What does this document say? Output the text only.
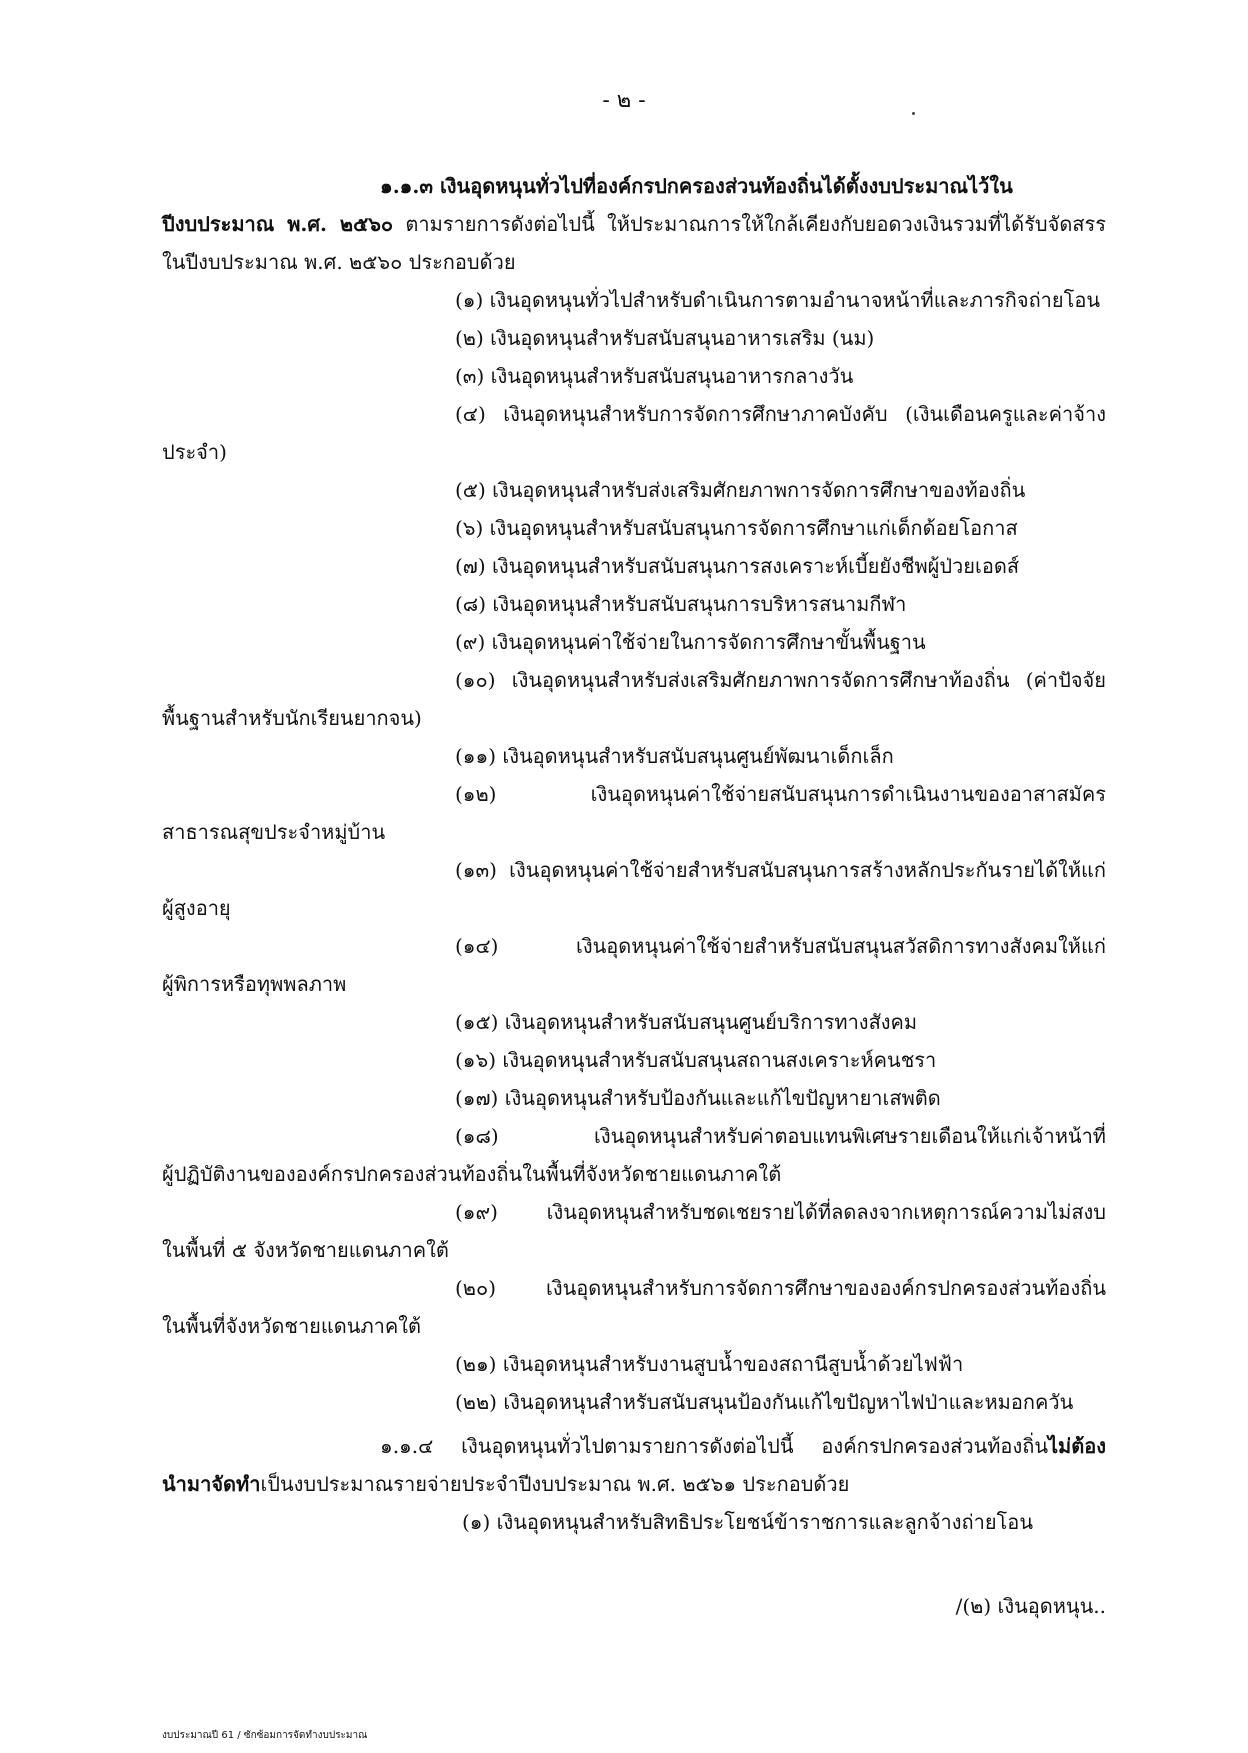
- ๒ -
๑.๑.๓ เงินอุดหนุนทั่วไปที่องค์กรปกครองส่วนท้องถิ่นได้ตั้งงบประมาณไว้ใน
ปีงบประมาณ พ.ศ. ๒๕๖๐ ตามรายการดังต่อไปนี้ ให้ประมาณการให้ใกล้เคียงกับยอดวงเงินรวมที่ได้รับจัดสรร
ในปีงบประมาณ พ.ศ. ๒๕๖๐ ประกอบด้วย
(๑) เงินอุดหนุนทั่วไปสำหรับดำเนินการตามอำนาจหน้าที่และภารกิจถ่ายโอน
(๒) เงินอุดหนุนสำหรับสนับสนุนอาหารเสริม (นม)
(๓) เงินอุดหนุนสำหรับสนับสนุนอาหารกลางวัน
(๔) เงินอุดหนุนสำหรับการจัดการศึกษาภาคบังคับ (เงินเดือนครูและค่าจ้าง
ประจำ)
(๕) เงินอุดหนุนสำหรับส่งเสริมศักยภาพการจัดการศึกษาของท้องถิ่น
(๖) เงินอุดหนุนสำหรับสนับสนุนการจัดการศึกษาแก่เด็กด้อยโอกาส
(๗) เงินอุดหนุนสำหรับสนับสนุนการสงเคราะห์เบี้ยยังชีพผู้ป่วยเอดส์
(๘) เงินอุดหนุนสำหรับสนับสนุนการบริหารสนามกีฬา
(๙) เงินอุดหนุนค่าใช้จ่ายในการจัดการศึกษาขั้นพื้นฐาน
(๑๐) เงินอุดหนุนสำหรับส่งเสริมศักยภาพการจัดการศึกษาท้องถิ่น (ค่าปัจจัย
พื้นฐานสำหรับนักเรียนยากจน)
(๑๑) เงินอุดหนุนสำหรับสนับสนุนศูนย์พัฒนาเด็กเล็ก
(๑๒) เงินอุดหนุนค่าใช้จ่ายสนับสนุนการดำเนินงานของอาสาสมัคร
สาธารณสุขประจำหมู่บ้าน
(๑๓) เงินอุดหนุนค่าใช้จ่ายสำหรับสนับสนุนการสร้างหลักประกันรายได้ให้แก่
ผู้สูงอายุ
(๑๔) เงินอุดหนุนค่าใช้จ่ายสำหรับสนับสนุนสวัสดิการทางสังคมให้แก่
ผู้พิการหรือทุพพลภาพ
(๑๕) เงินอุดหนุนสำหรับสนับสนุนศูนย์บริการทางสังคม
(๑๖) เงินอุดหนุนสำหรับสนับสนุนสถานสงเคราะห์คนชรา
(๑๗) เงินอุดหนุนสำหรับป้องกันและแก้ไขปัญหายาเสพติด
(๑๘) เงินอุดหนุนสำหรับค่าตอบแทนพิเศษรายเดือนให้แก่เจ้าหน้าที่
ผู้ปฏิบัติงานขององค์กรปกครองส่วนท้องถิ่นในพื้นที่จังหวัดชายแดนภาคใต้
(๑๙) เงินอุดหนุนสำหรับชดเชยรายได้ที่ลดลงจากเหตุการณ์ความไม่สงบ
ในพื้นที่ ๕ จังหวัดชายแดนภาคใต้
(๒๐) เงินอุดหนุนสำหรับการจัดการศึกษาขององค์กรปกครองส่วนท้องถิ่น
ในพื้นที่จังหวัดชายแดนภาคใต้
(๒๑) เงินอุดหนุนสำหรับงานสูบน้ำของสถานีสูบน้ำด้วยไฟฟ้า
(๒๒) เงินอุดหนุนสำหรับสนับสนุนป้องกันแก้ไขปัญหาไฟป่าและหมอกควัน
๑.๑.๔ เงินอุดหนุนทั่วไปตามรายการดังต่อไปนี้ องค์กรปกครองส่วนท้องถิ่นไม่ต้อง
นำมาจัดทำเป็นงบประมาณรายจ่ายประจำปีงบประมาณ พ.ศ. ๒๕๖๑ ประกอบด้วย
(๑) เงินอุดหนุนสำหรับสิทธิประโยชน์ข้าราชการและลูกจ้างถ่ายโอน
/(๒) เงินอุดหนุน..
งบประมาณปี 61 / ซักซ้อมการจัดทำงบประมาณ
